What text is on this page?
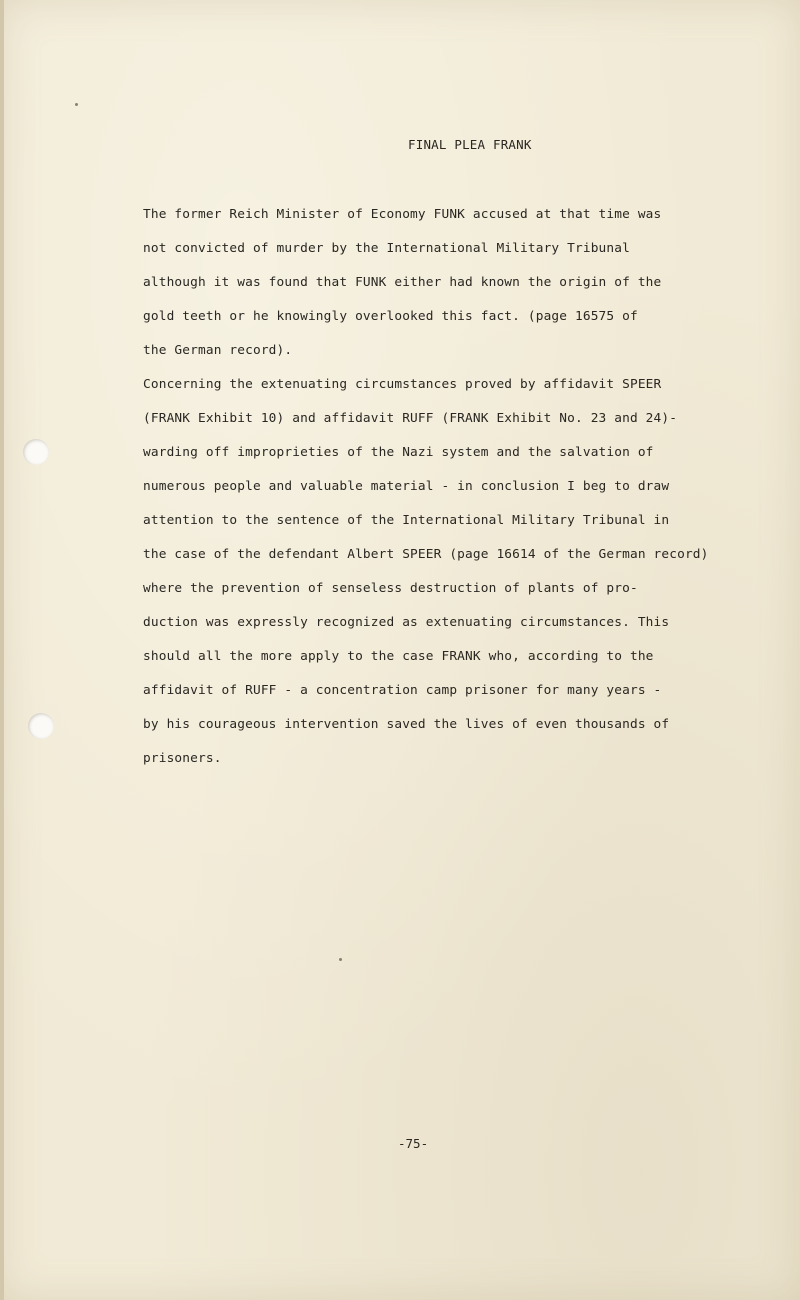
FINAL PLEA FRANK
The former Reich Minister of Economy FUNK accused at that time was
not convicted of murder by the International Military Tribunal
although it was found that FUNK either had known the origin of the
gold teeth or he knowingly overlooked this fact. (page 16575 of
the German record).
Concerning the extenuating circumstances proved by affidavit SPEER
(FRANK Exhibit 10) and affidavit RUFF (FRANK Exhibit No. 23 and 24)-
warding off improprieties of the Nazi system and the salvation of
numerous people and valuable material - in conclusion I beg to draw
attention to the sentence of the International Military Tribunal in
the case of the defendant Albert SPEER (page 16614 of the German record)
where the prevention of senseless destruction of plants of pro-
duction was expressly recognized as extenuating circumstances. This
should all the more apply to the case FRANK who, according to the
affidavit of RUFF - a concentration camp prisoner for many years -
by his courageous intervention saved the lives of even thousands of
prisoners.
-75-
